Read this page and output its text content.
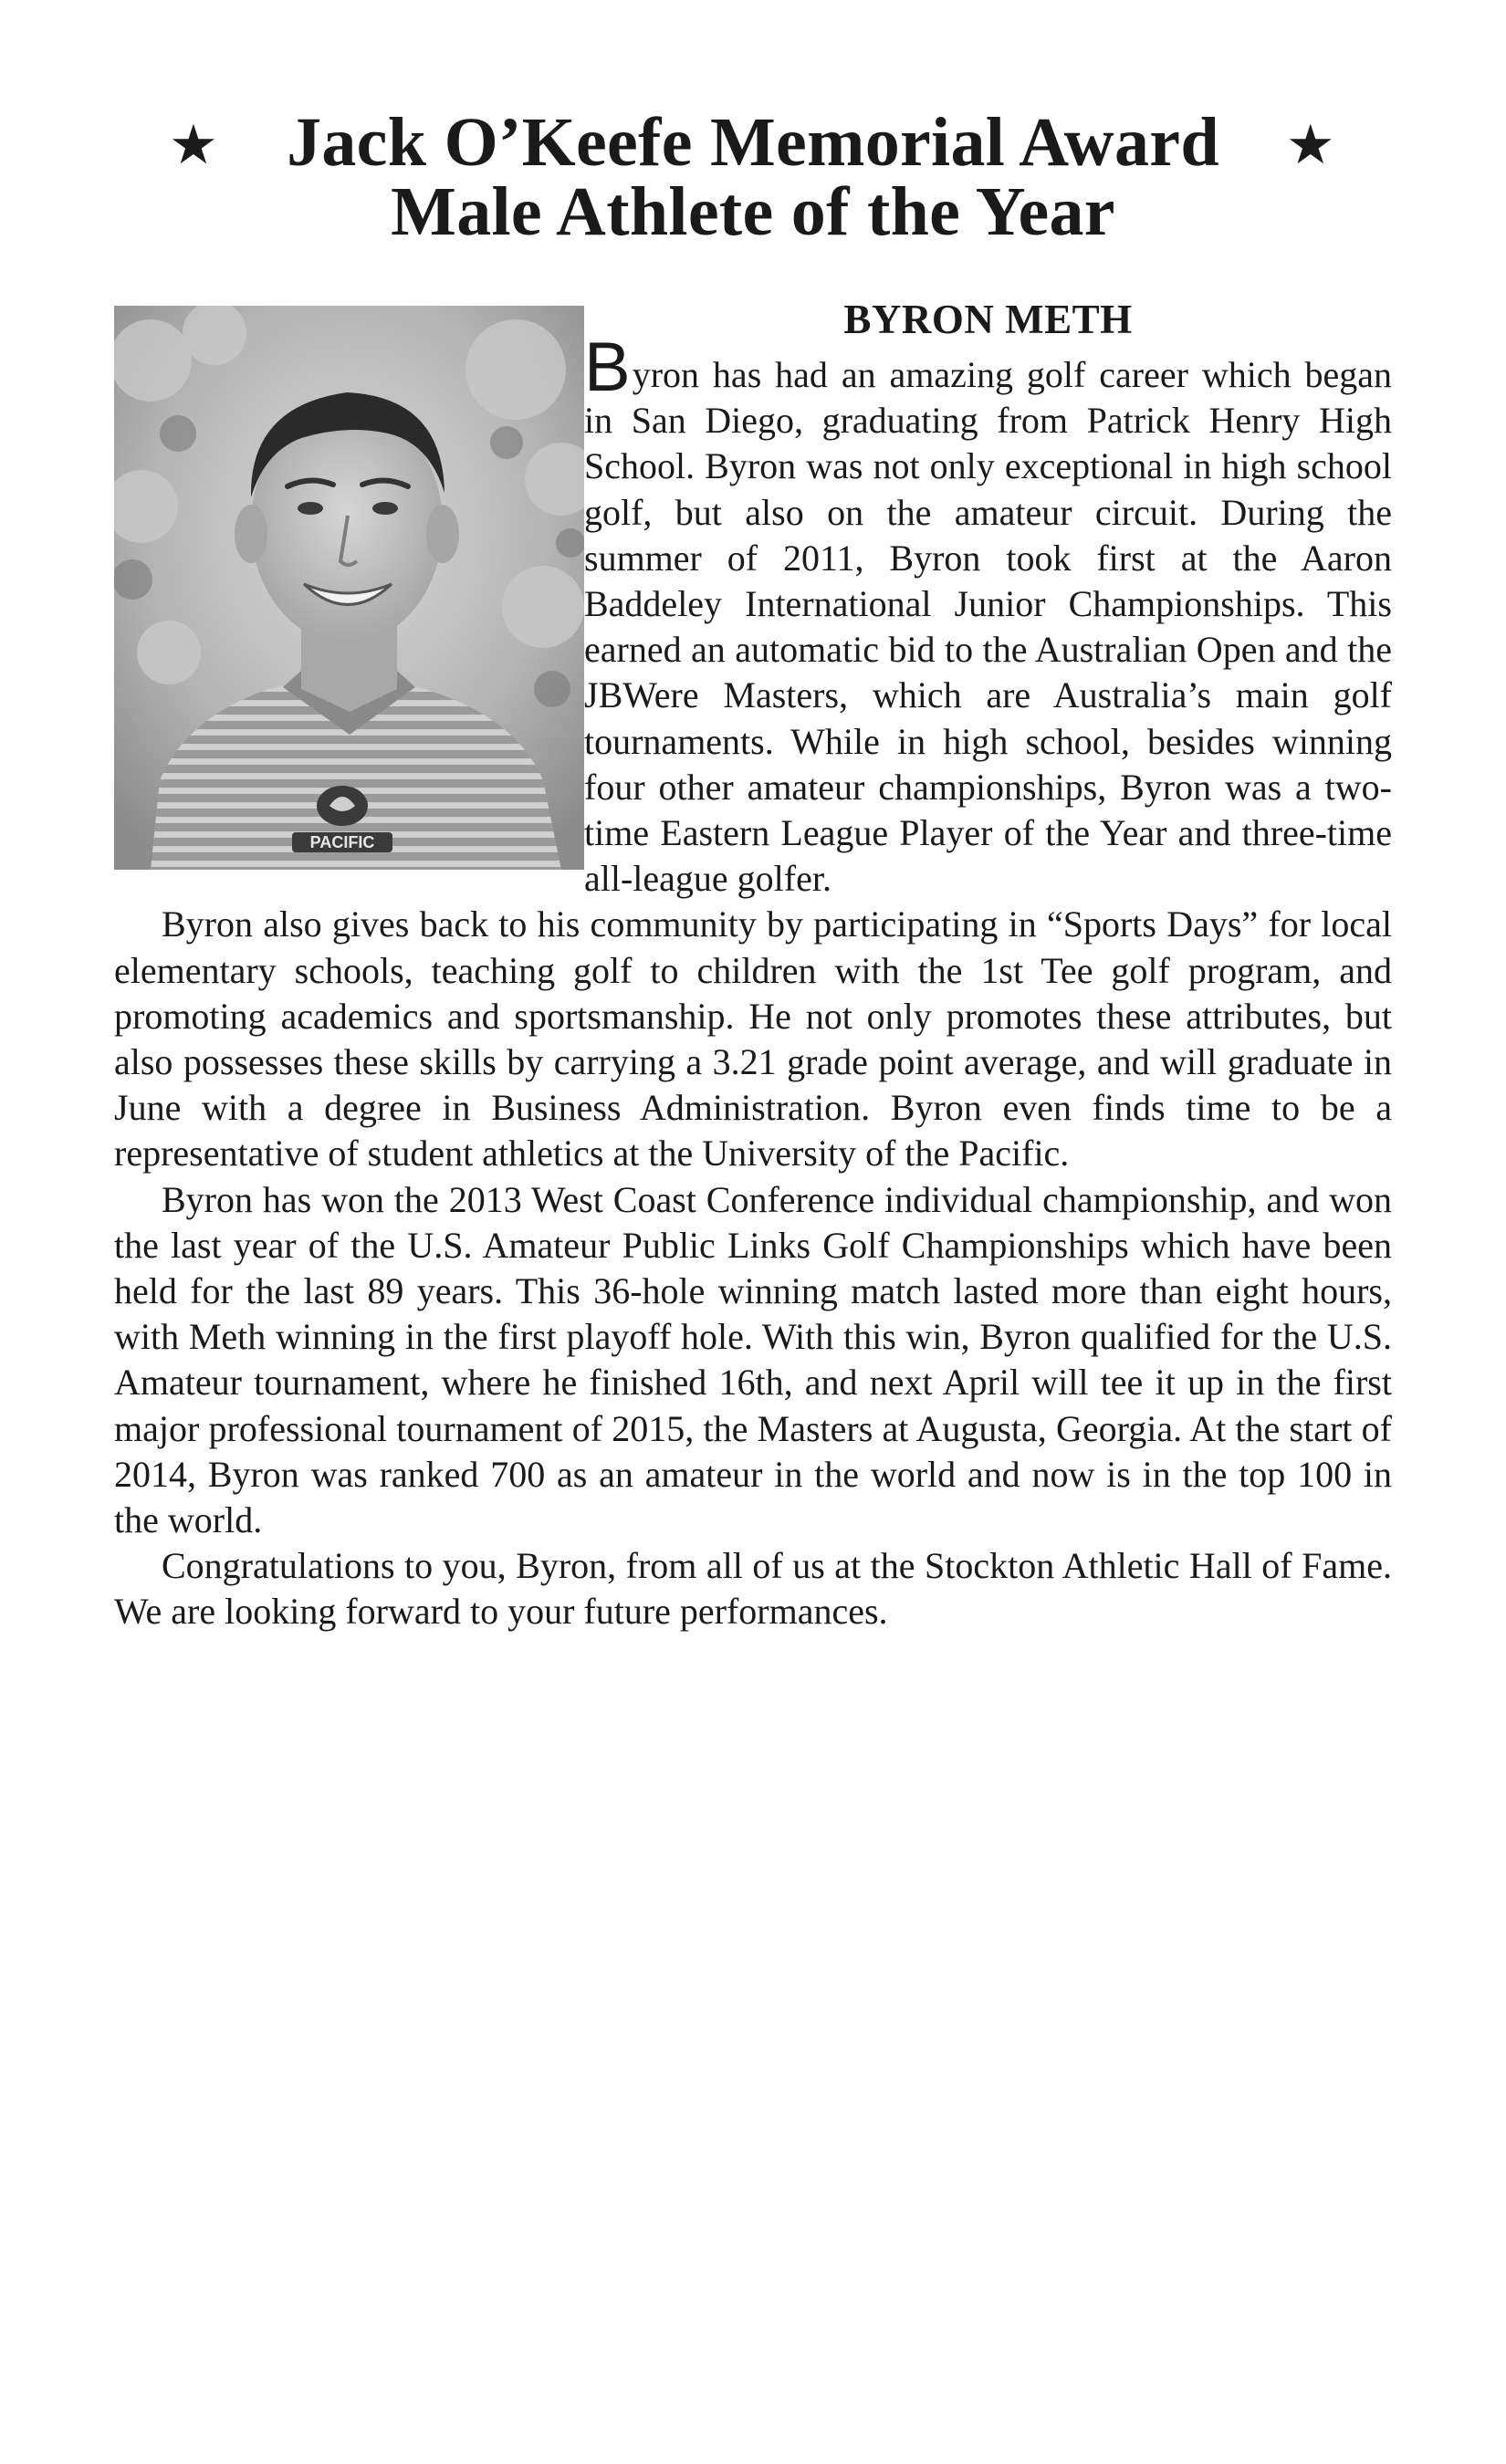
★ Jack O’Keefe Memorial Award ★
Male Athlete of the Year
PACIFIC
BYRON METH

Byron has had an amazing golf career which began in San Diego, graduating from Patrick Henry High School. Byron was not only exceptional in high school golf, but also on the amateur circuit. During the summer of 2011, Byron took first at the Aaron Baddeley International Junior Championships. This earned an automatic bid to the Australian Open and the JBWere Masters, which are Australia’s main golf tournaments. While in high school, besides winning four other amateur championships, Byron was a two-time Eastern League Player of the Year and three-time all-league golfer.

Byron also gives back to his community by participating in “Sports Days” for local elementary schools, teaching golf to children with the 1st Tee golf program, and promoting academics and sportsmanship. He not only promotes these attributes, but also possesses these skills by carrying a 3.21 grade point average, and will graduate in June with a degree in Business Administration. Byron even finds time to be a representative of student athletics at the University of the Pacific.

Byron has won the 2013 West Coast Conference individual championship, and won the last year of the U.S. Amateur Public Links Golf Championships which have been held for the last 89 years. This 36-hole winning match lasted more than eight hours, with Meth winning in the first playoff hole. With this win, Byron qualified for the U.S. Amateur tournament, where he finished 16th, and next April will tee it up in the first major professional tournament of 2015, the Masters at Augusta, Georgia. At the start of 2014, Byron was ranked 700 as an amateur in the world and now is in the top 100 in the world.

Congratulations to you, Byron, from all of us at the Stockton Athletic Hall of Fame. We are looking forward to your future performances.
